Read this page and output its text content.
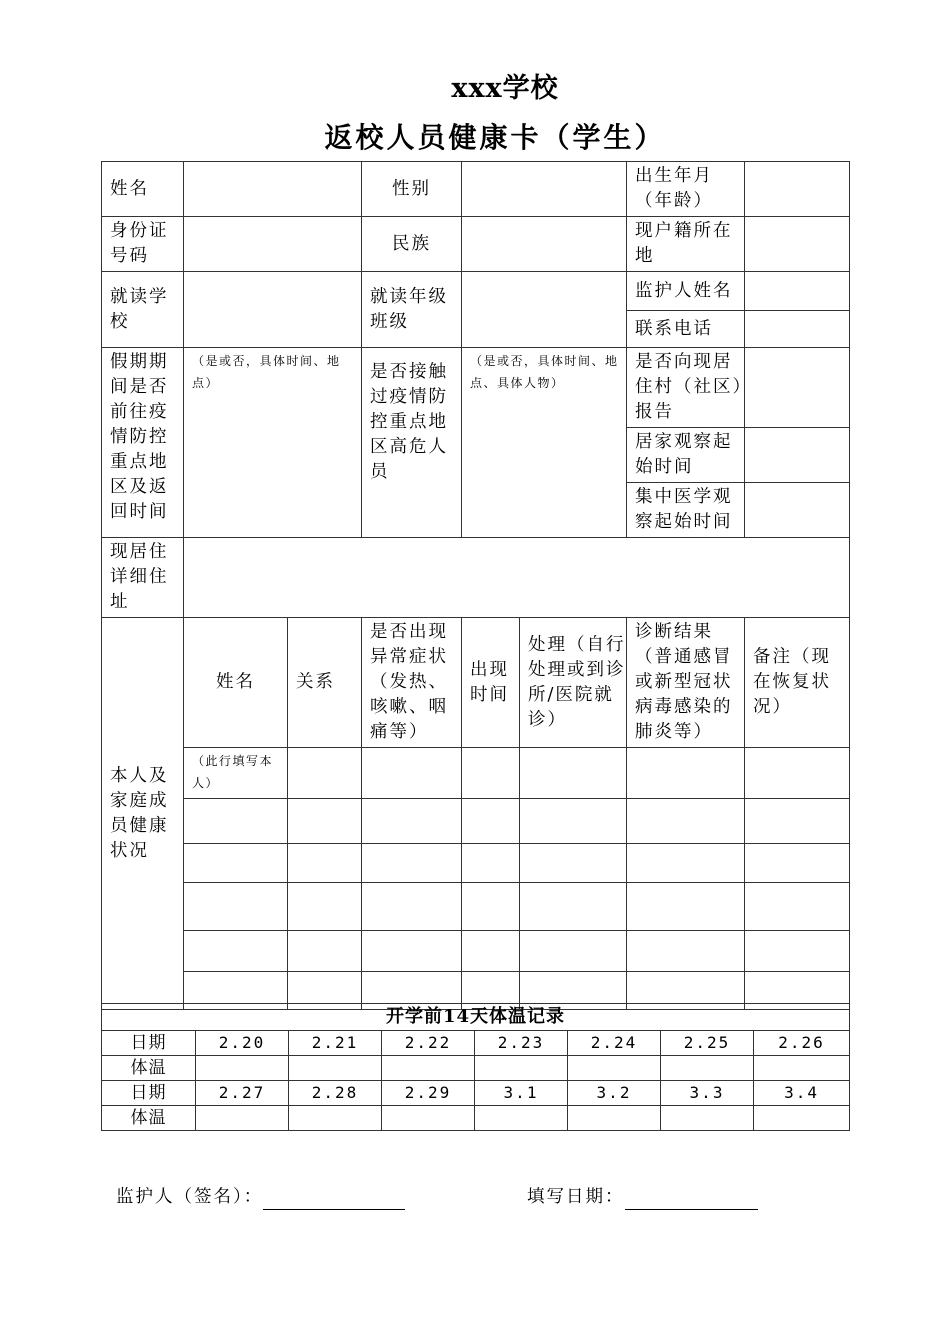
xxx学校
返校人员健康卡（学生）
姓名			性别			出生年月（年龄）	
身份证号码			民族			现户籍所在地	
就读学校			就读年级班级			监护人姓名	
						联系电话	
假期期间是否前往疫情防控重点地区及返回时间	（是或否，具体时间、地点）		是否接触过疫情防控重点地区高危人员	（是或否，具体时间、地点、具体人物）		是否向现居住村（社区）报告	
						居家观察起始时间	
						集中医学观察起始时间	
现居住详细住址							
本人及家庭成员健康状况	姓名	关系	是否出现异常症状（发热、咳嗽、咽痛等）	出现时间	处理（自行处理或到诊所/医院就诊）	诊断结果（普通感冒或新型冠状病毒感染的肺炎等）	备注（现在恢复状况）
	（此行填写本人）						

开学前14天体温记录							
日期	2.20	2.21	2.22	2.23	2.24	2.25	2.26
体温							
日期	2.27	2.28	2.29	3.1	3.2	3.3	3.4
体温							
监护人（签名）：	填写日期：
